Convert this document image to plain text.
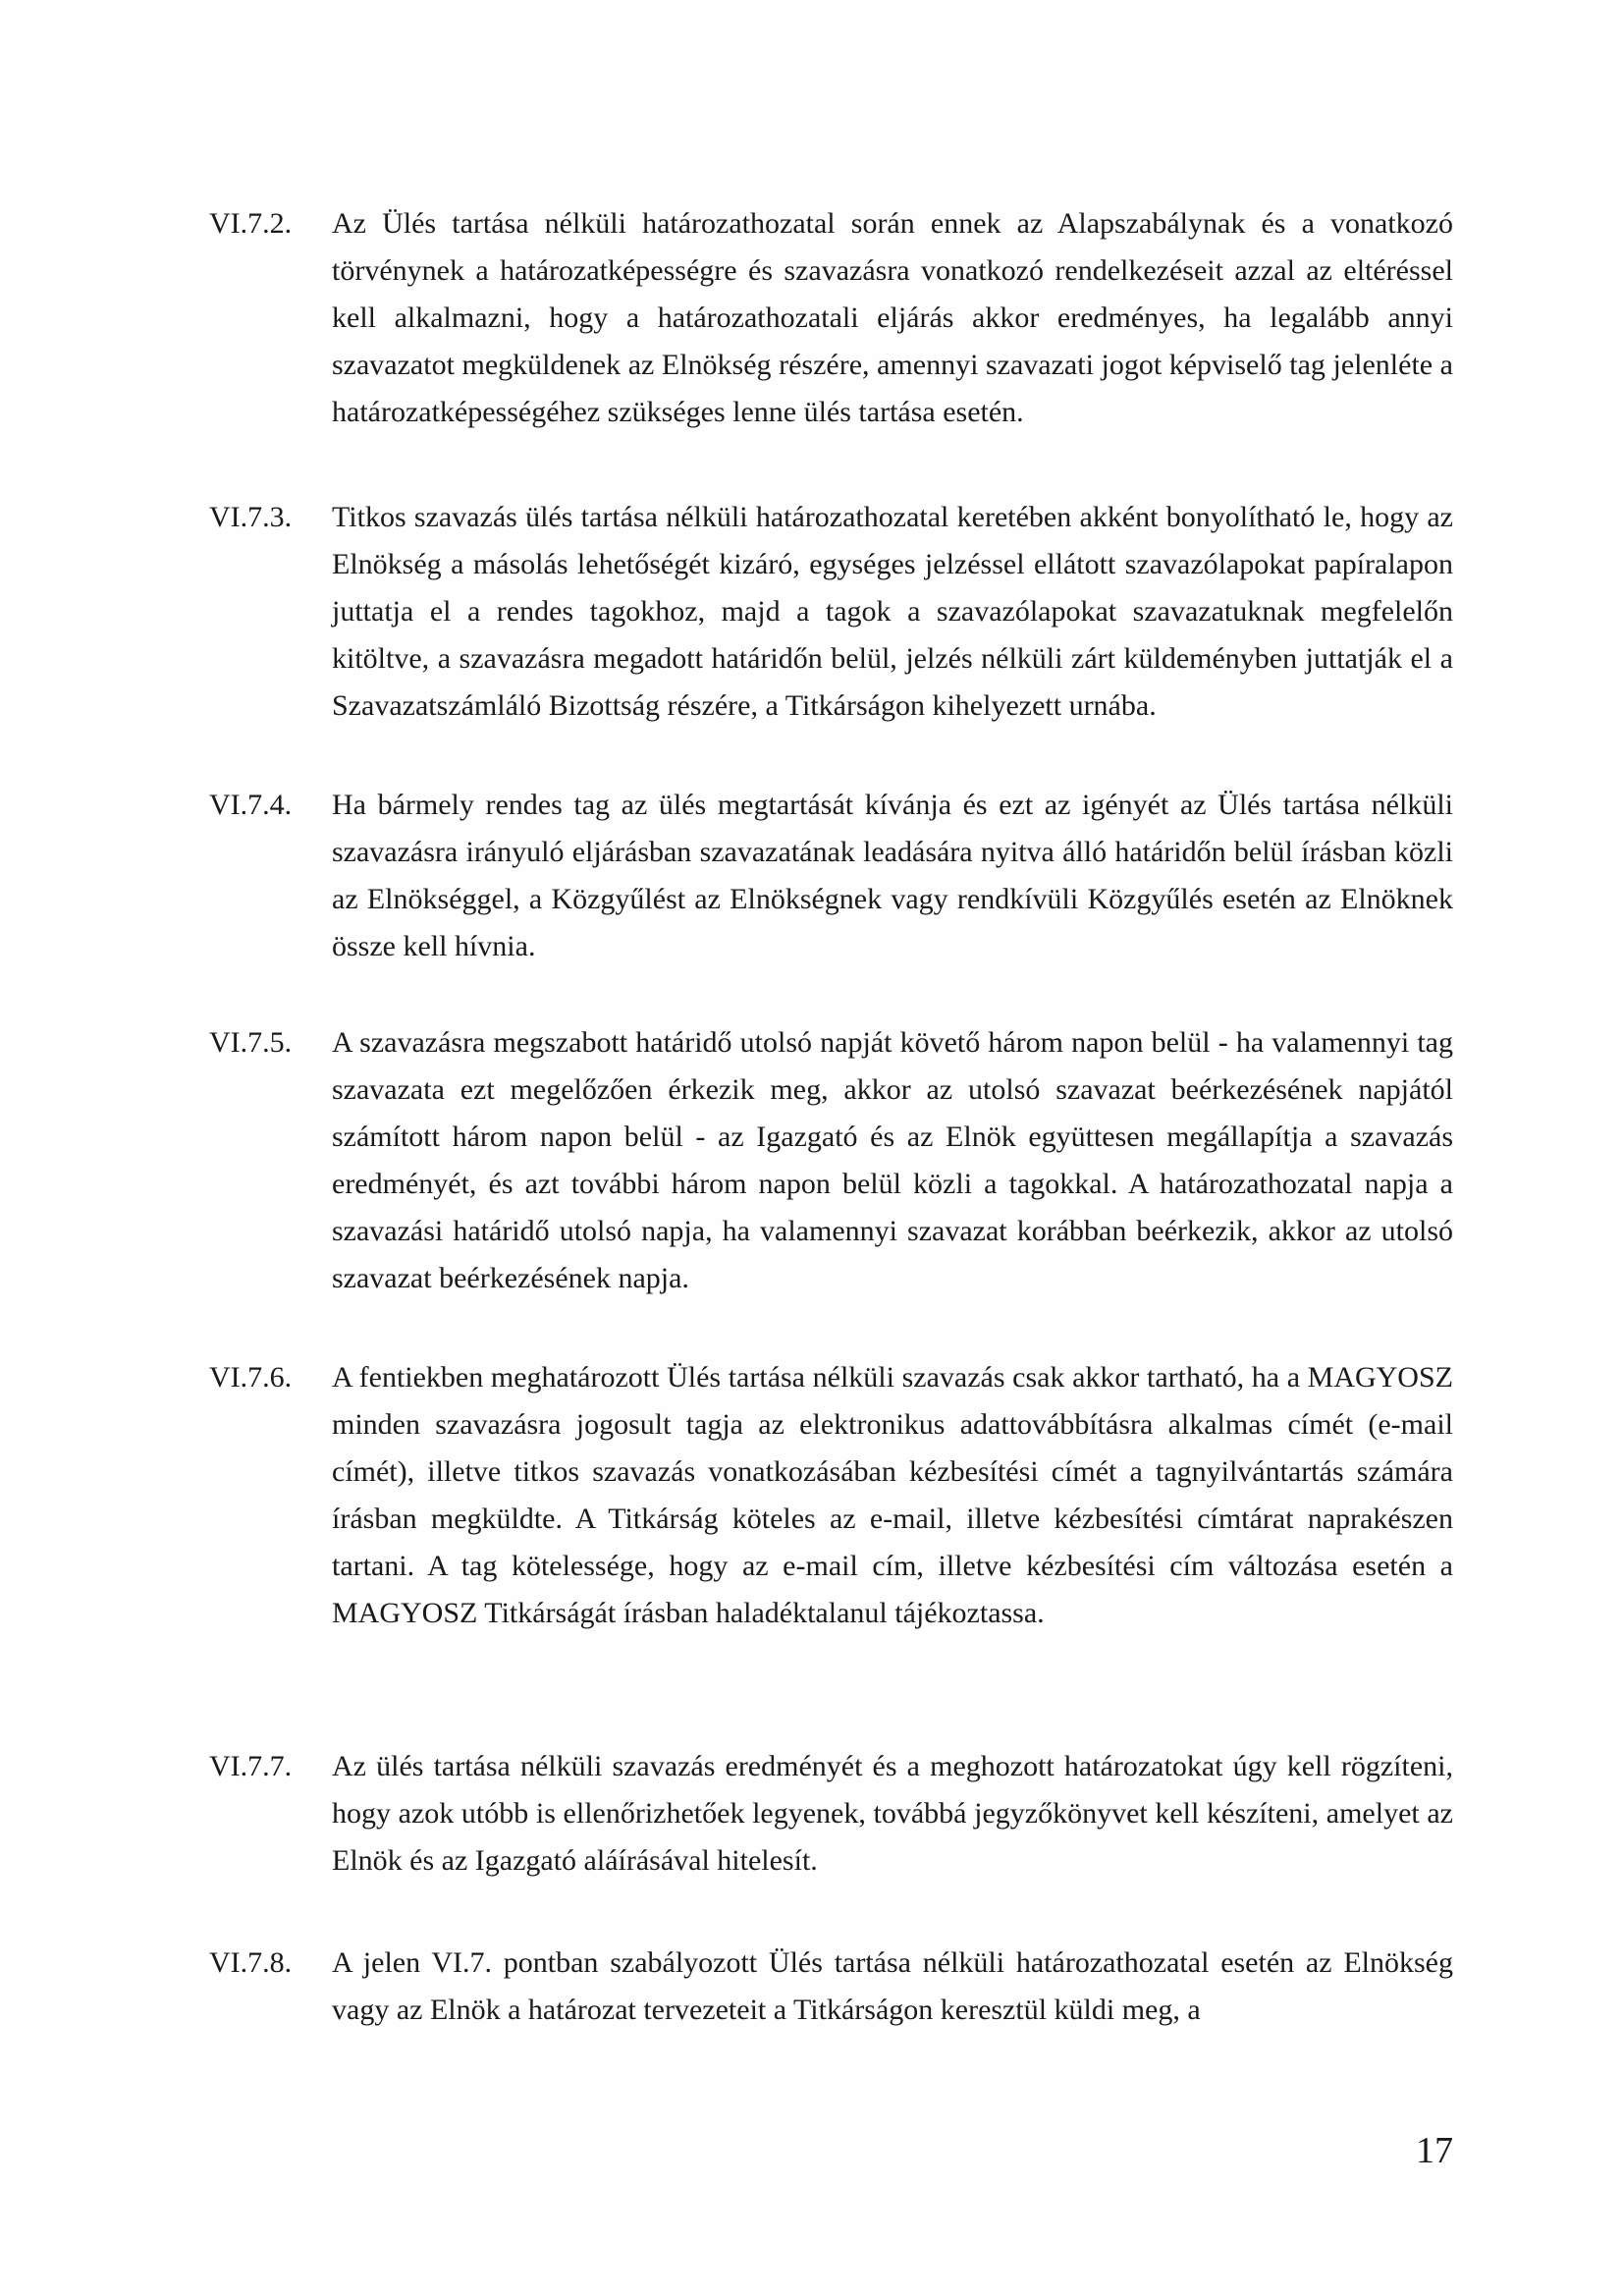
VI.7.2. Az Ülés tartása nélküli határozathozatal során ennek az Alapszabálynak és a vonatkozó törvénynek a határozatképességre és szavazásra vonatkozó rendelkezéseit azzal az eltéréssel kell alkalmazni, hogy a határozathozatali eljárás akkor eredményes, ha legalább annyi szavazatot megküldenek az Elnökség részére, amennyi szavazati jogot képviselő tag jelenléte a határozatképességéhez szükséges lenne ülés tartása esetén.
VI.7.3. Titkos szavazás ülés tartása nélküli határozathozatal keretében akként bonyolítható le, hogy az Elnökség a másolás lehetőségét kizáró, egységes jelzéssel ellátott szavazólapokat papíralapon juttatja el a rendes tagokhoz, majd a tagok a szavazólapokat szavazatuknak megfelelőn kitöltve, a szavazásra megadott határidőn belül, jelzés nélküli zárt küldeményben juttatják el a Szavazatszámláló Bizottság részére, a Titkárságon kihelyezett urnába.
VI.7.4. Ha bármely rendes tag az ülés megtartását kívánja és ezt az igényét az Ülés tartása nélküli szavazásra irányuló eljárásban szavazatának leadására nyitva álló határidőn belül írásban közli az Elnökséggel, a Közgyűlést az Elnökségnek vagy rendkívüli Közgyűlés esetén az Elnöknek össze kell hívnia.
VI.7.5. A szavazásra megszabott határidő utolsó napját követő három napon belül - ha valamennyi tag szavazata ezt megelőzően érkezik meg, akkor az utolsó szavazat beérkezésének napjától számított három napon belül - az Igazgató és az Elnök együttesen megállapítja a szavazás eredményét, és azt további három napon belül közli a tagokkal. A határozathozatal napja a szavazási határidő utolsó napja, ha valamennyi szavazat korábban beérkezik, akkor az utolsó szavazat beérkezésének napja.
VI.7.6. A fentiekben meghatározott Ülés tartása nélküli szavazás csak akkor tartható, ha a MAGYOSZ minden szavazásra jogosult tagja az elektronikus adattovábbításra alkalmas címét (e-mail címét), illetve titkos szavazás vonatkozásában kézbesítési címét a tagnyilvántartás számára írásban megküldte. A Titkárság köteles az e-mail, illetve kézbesítési címtárat naprakészen tartani. A tag kötelessége, hogy az e-mail cím, illetve kézbesítési cím változása esetén a MAGYOSZ Titkárságát írásban haladéktalanul tájékoztassa.
VI.7.7. Az ülés tartása nélküli szavazás eredményét és a meghozott határozatokat úgy kell rögzíteni, hogy azok utóbb is ellenőrizhetőek legyenek, továbbá jegyzőkönyvet kell készíteni, amelyet az Elnök és az Igazgató aláírásával hitelesít.
VI.7.8. A jelen VI.7. pontban szabályozott Ülés tartása nélküli határozathozatal esetén az Elnökség vagy az Elnök a határozat tervezeteit a Titkárságon keresztül küldi meg, a
17
